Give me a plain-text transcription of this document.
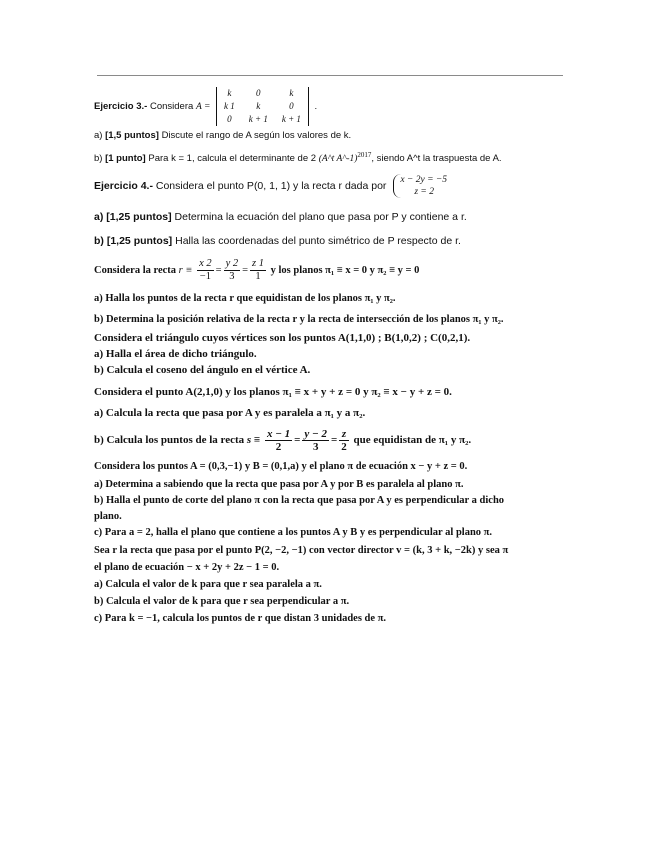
Ejercicio 3.- Considera A =
k	0	k
k 1	k	0
0	k + 1	k + 1
.
a) [1,5 puntos] Discute el rango de A según los valores de k.
b) [1 punto] Para k = 1, calcula el determinante de 2 (A^t A^-1)$^{2017}$, siendo A^t la traspuesta de A.
Ejercicio 4.- Considera el punto P(0, 1, 1) y la recta r dada por x − 2y = −5
z = 2
a) [1,25 puntos] Determina la ecuación del plano que pasa por P y contiene a r.
b) [1,25 puntos] Halla las coordenadas del punto simétrico de P respecto de r.
Considera la recta $r \equiv \frac{x 2}{-1} = \frac{y 2}{3} = \frac{z 1}{1}$ y los planos π₁ ≡ x = 0 y π₂ ≡ y = 0
a) Halla los puntos de la recta r que equidistan de los planos π₁ y π₂.
b) Determina la posición relativa de la recta r y la recta de intersección de los planos π₁ y π₂.
Considera el triángulo cuyos vértices son los puntos A(1,1,0) ; B(1,0,2) ; C(0,2,1).
a) Halla el área de dicho triángulo.
b) Calcula el coseno del ángulo en el vértice A.
Considera el punto A(2,1,0) y los planos π₁ ≡ x + y + z = 0 y π₂ ≡ x − y + z = 0.
a) Calcula la recta que pasa por A y es paralela a π₁ y a π₂.
b) Calcula los puntos de la recta $s \equiv \frac{x - 1}{2} = \frac{y - 2}{3} = \frac{z}{2}$ que equidistan de π₁ y π₂.
Considera los puntos A = (0,3,−1) y B = (0,1,a) y el plano π de ecuación x − y + z = 0.
a) Determina a sabiendo que la recta que pasa por A y por B es paralela al plano π.
b) Halla el punto de corte del plano π con la recta que pasa por A y es perpendicular a dicho
plano.
c) Para a = 2, halla el plano que contiene a los puntos A y B y es perpendicular al plano π.
Sea r la recta que pasa por el punto P(2, −2, −1) con vector director v = (k, 3 + k, −2k) y sea π
el plano de ecuación − x + 2y + 2z − 1 = 0.
a) Calcula el valor de k para que r sea paralela a π.
b) Calcula el valor de k para que r sea perpendicular a π.
c) Para k = −1, calcula los puntos de r que distan 3 unidades de π.
